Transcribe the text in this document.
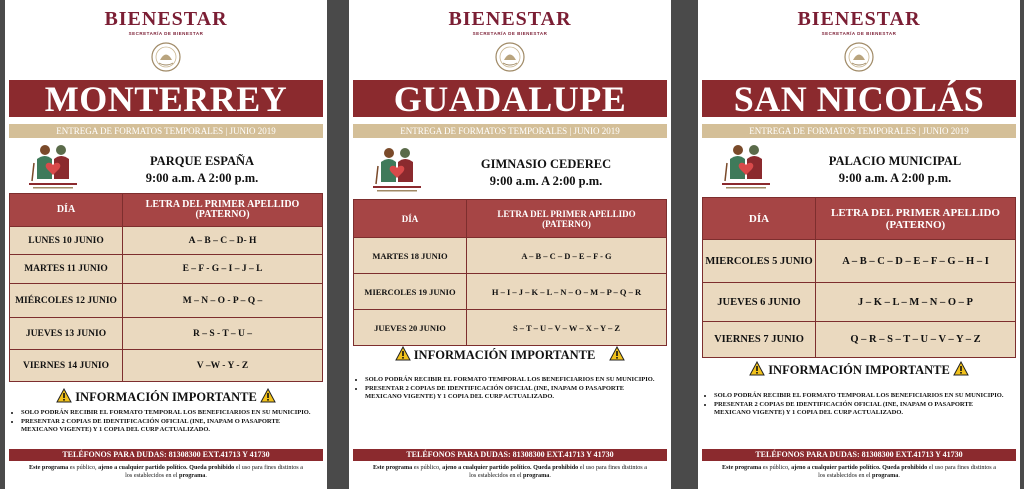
BIENESTAR
SECRETARÍA DE BIENESTAR
MONTERREY
ENTREGA DE FORMATOS TEMPORALES | JUNIO 2019
PARQUE ESPAÑA
9:00 a.m. A 2:00 p.m.
DÍA	LETRA DEL PRIMER APELLIDO
(PATERNO)
LUNES 10 JUNIO	A – B – C – D- H
MARTES 11 JUNIO	E – F - G – I – J – L
MIÉRCOLES 12 JUNIO	M – N – O - P – Q –
JUEVES 13 JUNIO	R – S - T – U –
VIERNES 14 JUNIO	V –W - Y - Z
INFORMACIÓN IMPORTANTE
• SOLO PODRÁN RECIBIR EL FORMATO TEMPORAL LOS BENEFICIARIOS EN SU MUNICIPIO.
• PRESENTAR 2 COPIAS DE IDENTIFICACIÓN OFICIAL (INE, INAPAM O PASAPORTE MEXICANO VIGENTE) Y 1 COPIA DEL CURP ACTUALIZADO.
TELÉFONOS PARA DUDAS: 81308300 EXT.41713 Y 41730
Este programa es público, ajeno a cualquier partido político. Queda prohibido el uso para fines distintos a los establecidos en el programa.
BIENESTAR
SECRETARÍA DE BIENESTAR
GUADALUPE
ENTREGA DE FORMATOS TEMPORALES | JUNIO 2019
GIMNASIO CEDEREC
9:00 a.m. A 2:00 p.m.
DÍA	LETRA DEL PRIMER APELLIDO
(PATERNO)
MARTES 18 JUNIO	A – B – C – D – E – F - G
MIERCOLES 19 JUNIO	H – I – J – K – L – N – O – M – P – Q – R
JUEVES 20 JUNIO	S – T – U – V – W – X – Y – Z
INFORMACIÓN IMPORTANTE
• SOLO PODRÁN RECIBIR EL FORMATO TEMPORAL LOS BENEFICIARIOS EN SU MUNICIPIO.
• PRESENTAR 2 COPIAS DE IDENTIFICACIÓN OFICIAL (INE, INAPAM O PASAPORTE MEXICANO VIGENTE) Y 1 COPIA DEL CURP ACTUALIZADO.
TELÉFONOS PARA DUDAS: 81308300 EXT.41713 Y 41730
Este programa es público, ajeno a cualquier partido político. Queda prohibido el uso para fines distintos a los establecidos en el programa.
BIENESTAR
SECRETARÍA DE BIENESTAR
SAN NICOLÁS
ENTREGA DE FORMATOS TEMPORALES | JUNIO 2019
PALACIO MUNICIPAL
9:00 a.m. A 2:00 p.m.
DÍA	LETRA DEL PRIMER APELLIDO
(PATERNO)
MIERCOLES 5 JUNIO	A – B – C – D – E – F – G – H – I
JUEVES 6 JUNIO	J – K – L – M – N – O – P
VIERNES 7 JUNIO	Q – R – S – T – U – V – Y – Z
INFORMACIÓN IMPORTANTE
• SOLO PODRÁN RECIBIR EL FORMATO TEMPORAL LOS BENEFICIARIOS EN SU MUNICIPIO.
• PRESENTAR 2 COPIAS DE IDENTIFICACIÓN OFICIAL (INE, INAPAM O PASAPORTE MEXICANO VIGENTE) Y 1 COPIA DEL CURP ACTUALIZADO.
TELÉFONOS PARA DUDAS: 81308300 EXT.41713 Y 41730
Este programa es público, ajeno a cualquier partido político. Queda prohibido el uso para fines distintos a los establecidos en el programa.
